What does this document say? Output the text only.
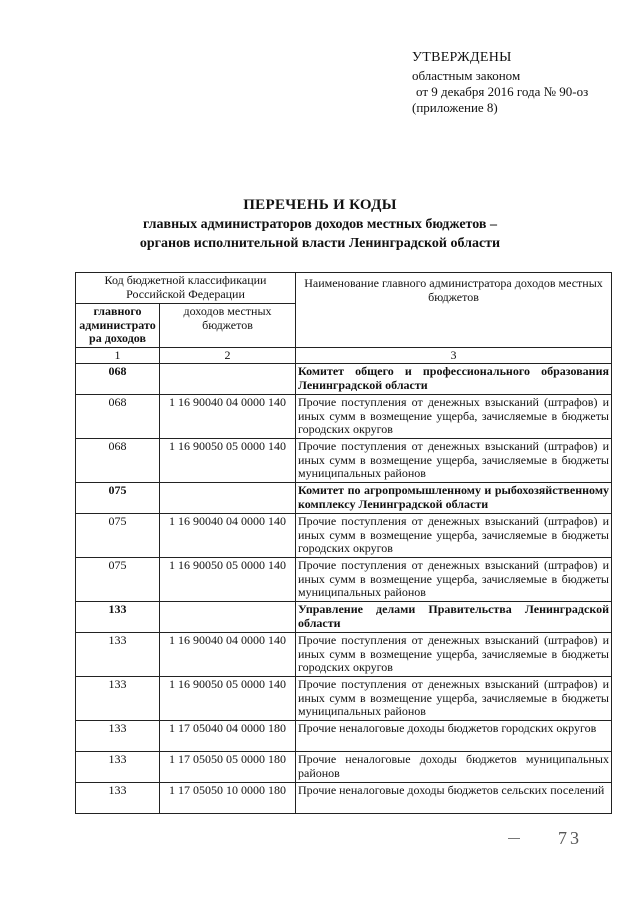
УТВЕРЖДЕНЫ
областным законом
от 9 декабря 2016 года № 90-оз
(приложение 8)
ПЕРЕЧЕНЬ И КОДЫ
главных администраторов доходов местных бюджетов –
органов исполнительной власти Ленинградской области
Код бюджетной классификации Российской Федерации		Наименование главного администратора доходов местных бюджетов
главного администрато ра доходов	доходов местных бюджетов	
1	2	3
068		Комитет общего и профессионального образования Ленинградской области
068	1 16 90040 04 0000 140	Прочие поступления от денежных взысканий (штрафов) и иных сумм в возмещение ущерба, зачисляемые в бюджеты городских округов
068	1 16 90050 05 0000 140	Прочие поступления от денежных взысканий (штрафов) и иных сумм в возмещение ущерба, зачисляемые в бюджеты муниципальных районов
075		Комитет по агропромышленному и рыбохозяйственному комплексу Ленинградской области
075	1 16 90040 04 0000 140	Прочие поступления от денежных взысканий (штрафов) и иных сумм в возмещение ущерба, зачисляемые в бюджеты городских округов
075	1 16 90050 05 0000 140	Прочие поступления от денежных взысканий (штрафов) и иных сумм в возмещение ущерба, зачисляемые в бюджеты муниципальных районов
133		Управление делами Правительства Ленинградской области
133	1 16 90040 04 0000 140	Прочие поступления от денежных взысканий (штрафов) и иных сумм в возмещение ущерба, зачисляемые в бюджеты городских округов
133	1 16 90050 05 0000 140	Прочие поступления от денежных взысканий (штрафов) и иных сумм в возмещение ущерба, зачисляемые в бюджеты муниципальных районов
133	1 17 05040 04 0000 180	Прочие неналоговые доходы бюджетов городских округов
133	1 17 05050 05 0000 180	Прочие неналоговые доходы бюджетов муниципальных районов
133	1 17 05050 10 0000 180	Прочие неналоговые доходы бюджетов сельских поселений
73
